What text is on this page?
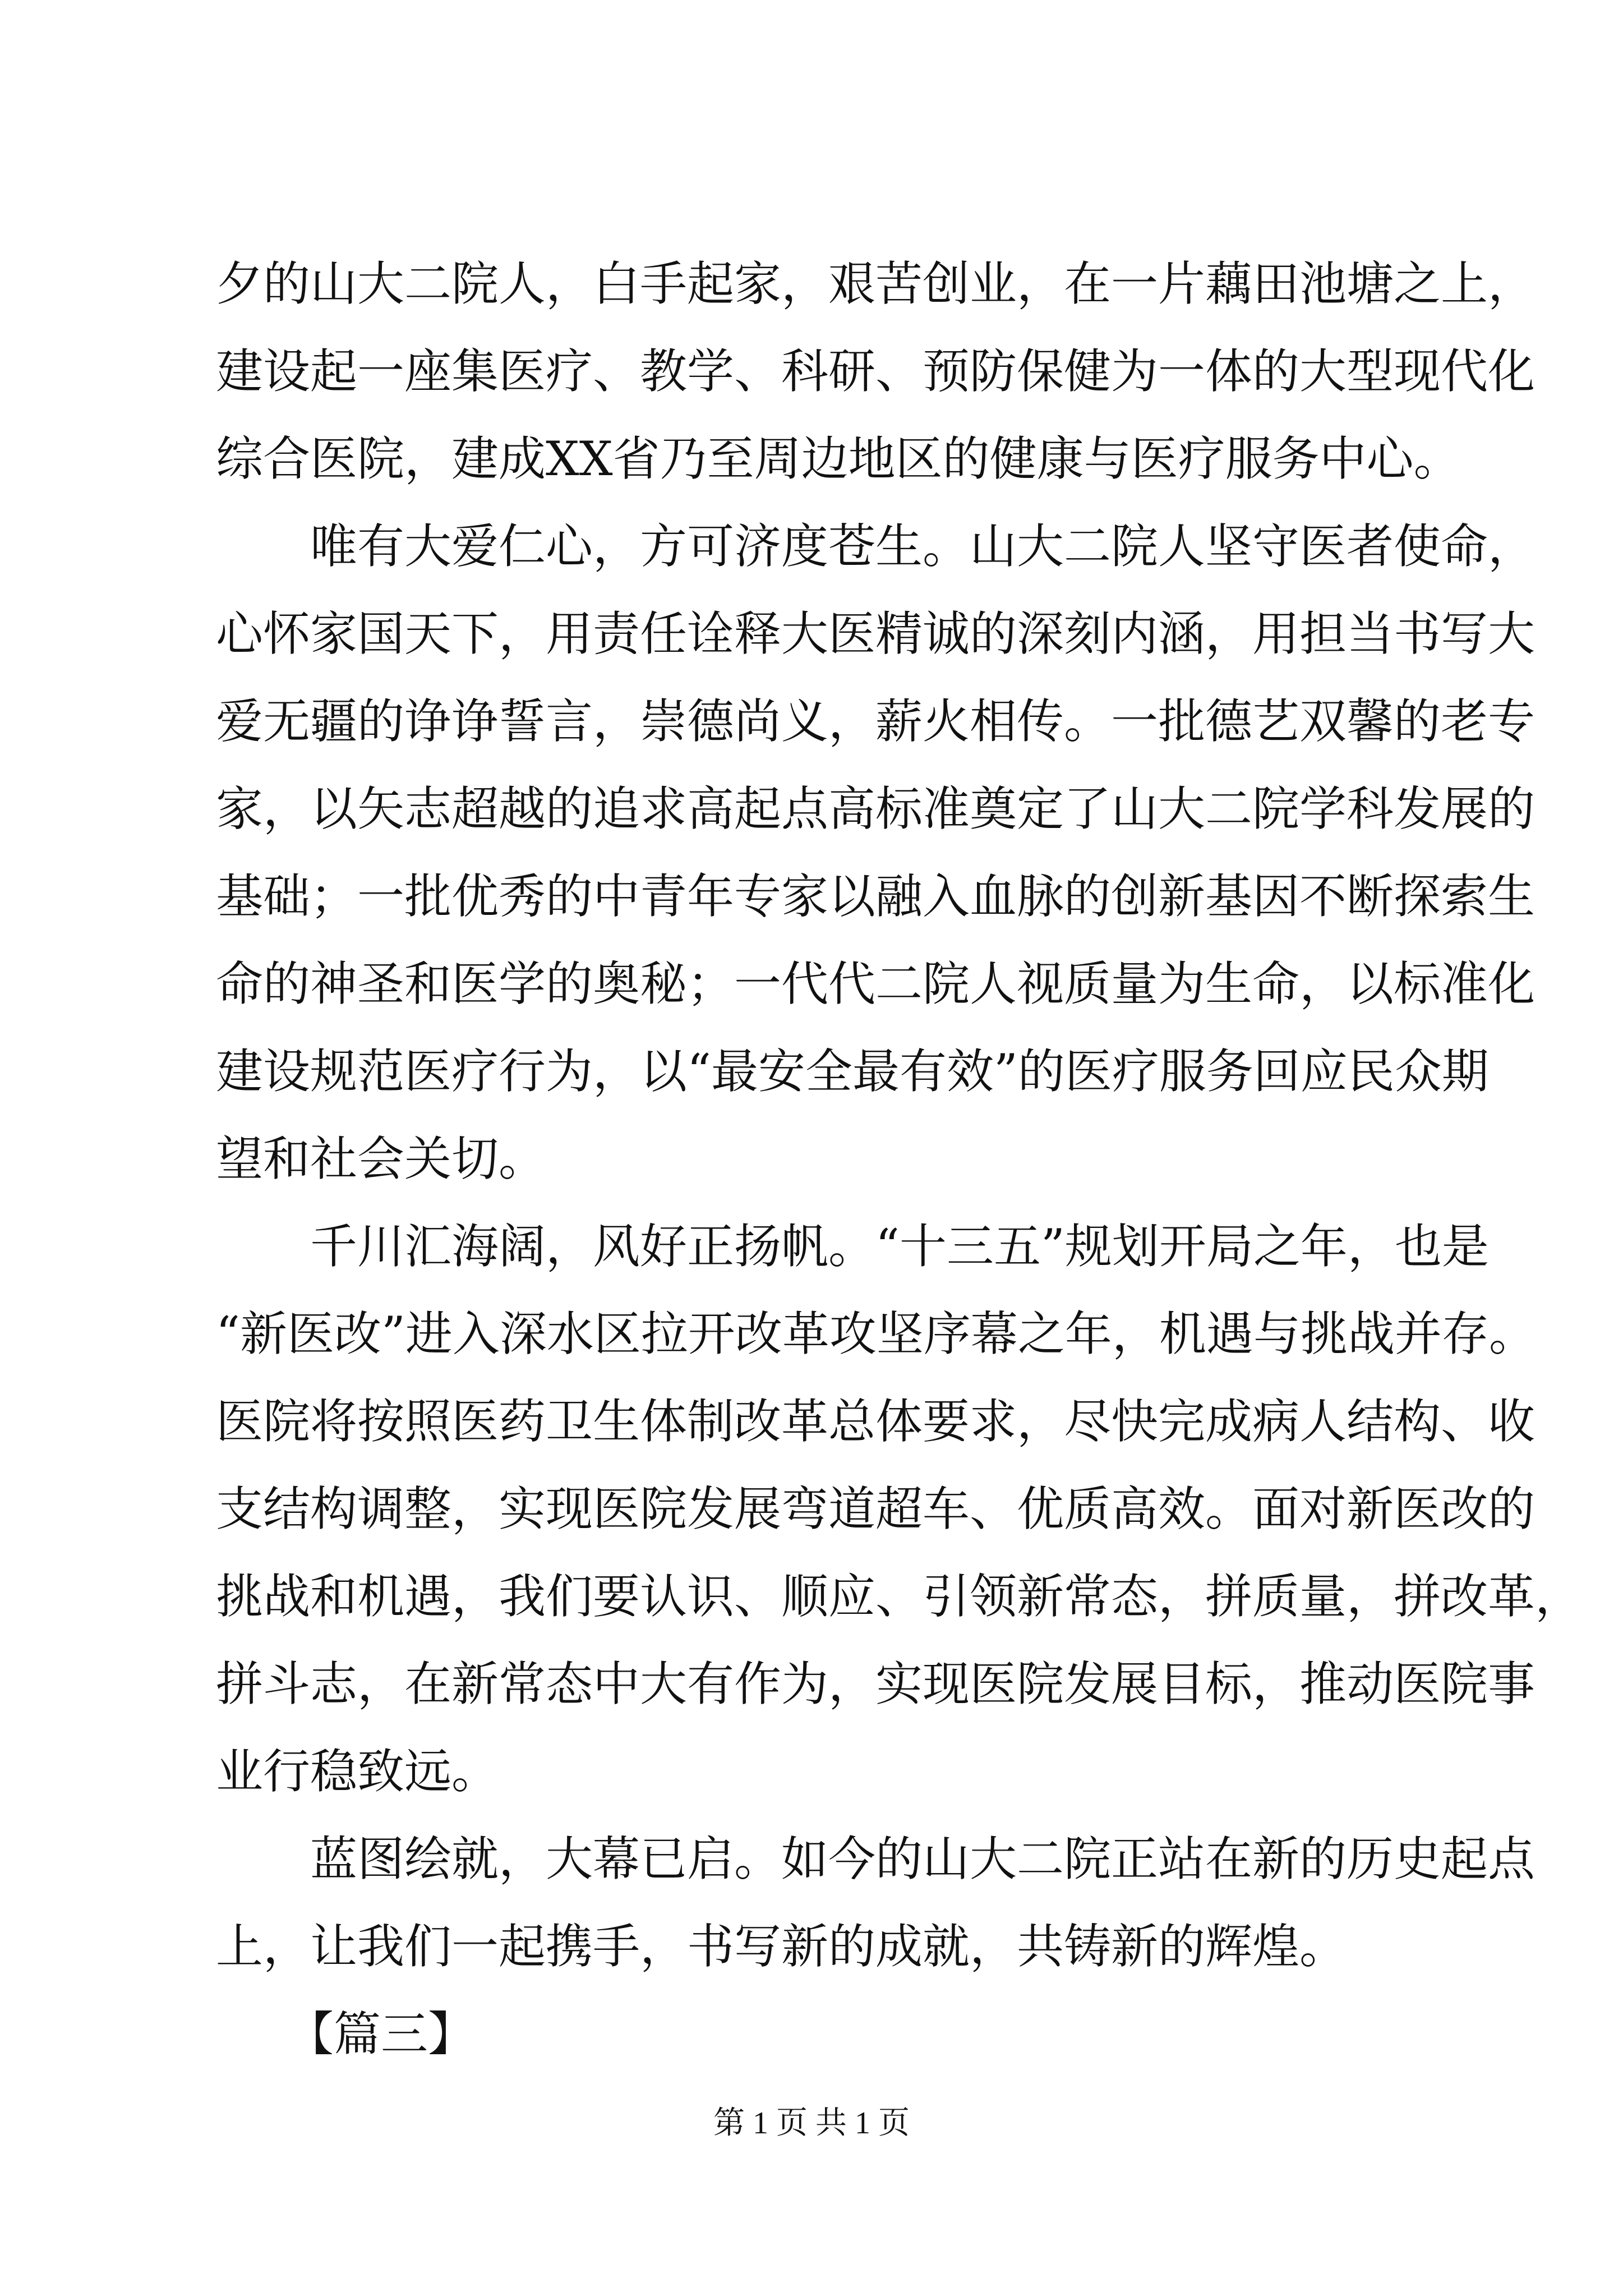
夕的山大二院人，白手起家，艰苦创业，在一片藕田池塘之上，
建设起一座集医疗、教学、科研、预防保健为一体的大型现代化
综合医院，建成XX省乃至周边地区的健康与医疗服务中心。
　　唯有大爱仁心，方可济度苍生。山大二院人坚守医者使命，
心怀家国天下，用责任诠释大医精诚的深刻内涵，用担当书写大
爱无疆的诤诤誓言，崇德尚义，薪火相传。一批德艺双馨的老专
家，以矢志超越的追求高起点高标准奠定了山大二院学科发展的
基础；一批优秀的中青年专家以融入血脉的创新基因不断探索生
命的神圣和医学的奥秘；一代代二院人视质量为生命，以标准化
建设规范医疗行为，以“最安全最有效”的医疗服务回应民众期
望和社会关切。
　　千川汇海阔，风好正扬帆。“十三五”规划开局之年，也是
“新医改”进入深水区拉开改革攻坚序幕之年，机遇与挑战并存。
医院将按照医药卫生体制改革总体要求，尽快完成病人结构、收
支结构调整，实现医院发展弯道超车、优质高效。面对新医改的
挑战和机遇，我们要认识、顺应、引领新常态，拼质量，拼改革，
拼斗志，在新常态中大有作为，实现医院发展目标，推动医院事
业行稳致远。
　　蓝图绘就，大幕已启。如今的山大二院正站在新的历史起点
上，让我们一起携手，书写新的成就，共铸新的辉煌。
　　【篇三】
第 1 页 共 1 页
